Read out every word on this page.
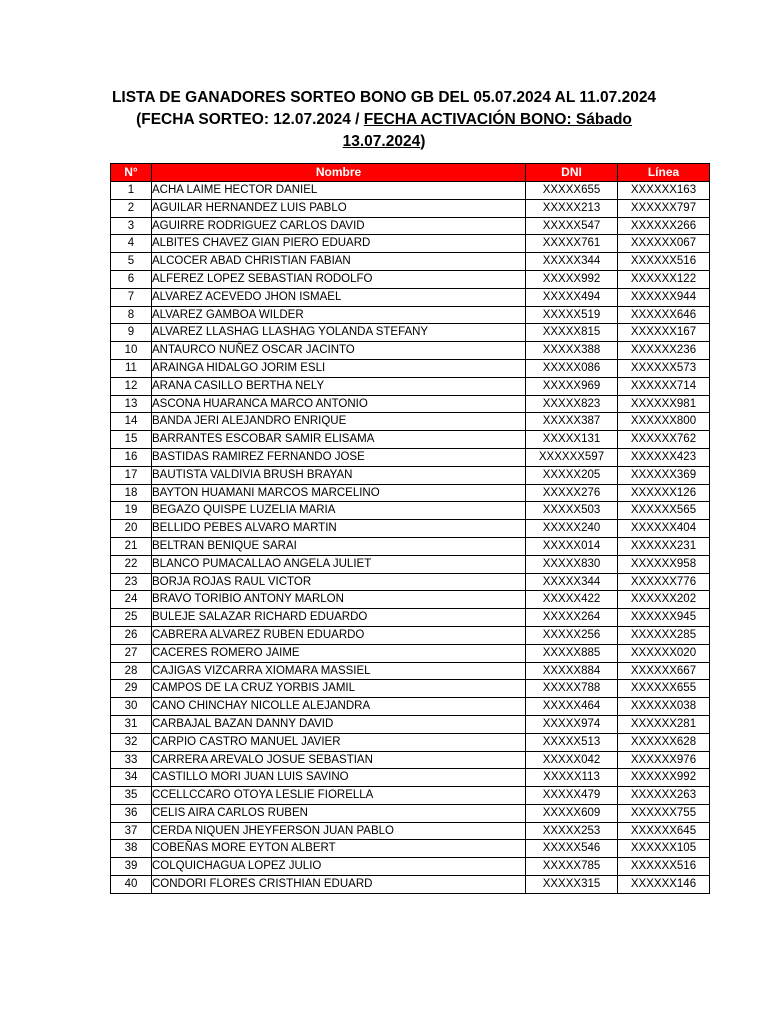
LISTA DE GANADORES SORTEO BONO GB DEL 05.07.2024 AL 11.07.2024
(FECHA SORTEO: 12.07.2024 / FECHA ACTIVACIÓN BONO: Sábado
13.07.2024)
N°	Nombre	DNI	Línea
1	ACHA LAIME HECTOR DANIEL	XXXXX655	XXXXXX163
2	AGUILAR HERNANDEZ LUIS PABLO	XXXXX213	XXXXXX797
3	AGUIRRE RODRIGUEZ CARLOS DAVID	XXXXX547	XXXXXX266
4	ALBITES CHAVEZ GIAN PIERO EDUARD	XXXXX761	XXXXXX067
5	ALCOCER ABAD CHRISTIAN FABIAN	XXXXX344	XXXXXX516
6	ALFEREZ LOPEZ SEBASTIAN RODOLFO	XXXXX992	XXXXXX122
7	ALVAREZ ACEVEDO JHON ISMAEL	XXXXX494	XXXXXX944
8	ALVAREZ GAMBOA WILDER	XXXXX519	XXXXXX646
9	ALVAREZ LLASHAG LLASHAG YOLANDA STEFANY	XXXXX815	XXXXXX167
10	ANTAURCO NUÑEZ OSCAR JACINTO	XXXXX388	XXXXXX236
11	ARAINGA HIDALGO JORIM ESLI	XXXXX086	XXXXXX573
12	ARANA CASILLO BERTHA NELY	XXXXX969	XXXXXX714
13	ASCONA HUARANCA MARCO ANTONIO	XXXXX823	XXXXXX981
14	BANDA JERI ALEJANDRO ENRIQUE	XXXXX387	XXXXXX800
15	BARRANTES ESCOBAR SAMIR ELISAMA	XXXXX131	XXXXXX762
16	BASTIDAS RAMIREZ FERNANDO JOSE	XXXXXX597	XXXXXX423
17	BAUTISTA VALDIVIA BRUSH BRAYAN	XXXXX205	XXXXXX369
18	BAYTON HUAMANI MARCOS MARCELINO	XXXXX276	XXXXXX126
19	BEGAZO QUISPE LUZELIA MARIA	XXXXX503	XXXXXX565
20	BELLIDO PEBES ALVARO MARTIN	XXXXX240	XXXXXX404
21	BELTRAN BENIQUE SARAI	XXXXX014	XXXXXX231
22	BLANCO PUMACALLAO ANGELA JULIET	XXXXX830	XXXXXX958
23	BORJA ROJAS RAUL VICTOR	XXXXX344	XXXXXX776
24	BRAVO TORIBIO ANTONY MARLON	XXXXX422	XXXXXX202
25	BULEJE SALAZAR RICHARD EDUARDO	XXXXX264	XXXXXX945
26	CABRERA ALVAREZ RUBEN EDUARDO	XXXXX256	XXXXXX285
27	CACERES ROMERO JAIME	XXXXX885	XXXXXX020
28	CAJIGAS VIZCARRA XIOMARA MASSIEL	XXXXX884	XXXXXX667
29	CAMPOS DE LA CRUZ YORBIS JAMIL	XXXXX788	XXXXXX655
30	CANO CHINCHAY NICOLLE ALEJANDRA	XXXXX464	XXXXXX038
31	CARBAJAL BAZAN DANNY DAVID	XXXXX974	XXXXXX281
32	CARPIO CASTRO MANUEL JAVIER	XXXXX513	XXXXXX628
33	CARRERA AREVALO JOSUE SEBASTIAN	XXXXX042	XXXXXX976
34	CASTILLO MORI JUAN LUIS SAVINO	XXXXX113	XXXXXX992
35	CCELLCCARO OTOYA LESLIE FIORELLA	XXXXX479	XXXXXX263
36	CELIS AIRA CARLOS RUBEN	XXXXX609	XXXXXX755
37	CERDA NIQUEN JHEYFERSON JUAN PABLO	XXXXX253	XXXXXX645
38	COBEÑAS MORE EYTON ALBERT	XXXXX546	XXXXXX105
39	COLQUICHAGUA LOPEZ JULIO	XXXXX785	XXXXXX516
40	CONDORI FLORES CRISTHIAN EDUARD	XXXXX315	XXXXXX146
